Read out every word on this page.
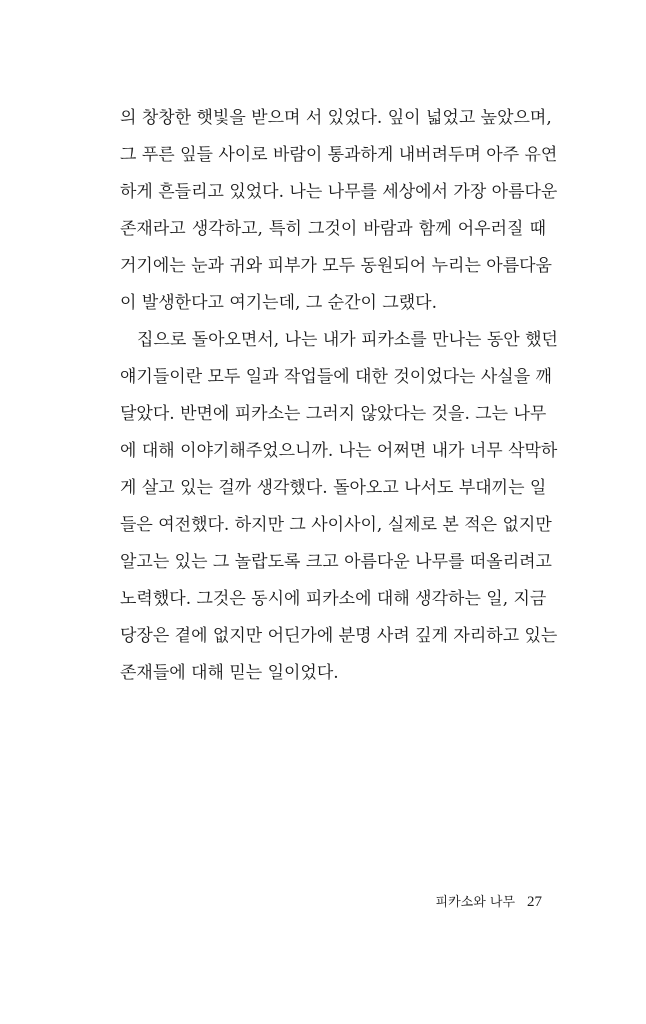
의 창창한 햇빛을 받으며 서 있었다. 잎이 넓었고 높았으며,
그 푸른 잎들 사이로 바람이 통과하게 내버려두며 아주 유연
하게 흔들리고 있었다. 나는 나무를 세상에서 가장 아름다운
존재라고 생각하고, 특히 그것이 바람과 함께 어우러질 때
거기에는 눈과 귀와 피부가 모두 동원되어 누리는 아름다움
이 발생한다고 여기는데, 그 순간이 그랬다.
집으로 돌아오면서, 나는 내가 피카소를 만나는 동안 했던
얘기들이란 모두 일과 작업들에 대한 것이었다는 사실을 깨
달았다. 반면에 피카소는 그러지 않았다는 것을. 그는 나무
에 대해 이야기해주었으니까. 나는 어쩌면 내가 너무 삭막하
게 살고 있는 걸까 생각했다. 돌아오고 나서도 부대끼는 일
들은 여전했다. 하지만 그 사이사이, 실제로 본 적은 없지만
알고는 있는 그 놀랍도록 크고 아름다운 나무를 떠올리려고
노력했다. 그것은 동시에 피카소에 대해 생각하는 일, 지금
당장은 곁에 없지만 어딘가에 분명 사려 깊게 자리하고 있는
존재들에 대해 믿는 일이었다.
피카소와 나무 27
